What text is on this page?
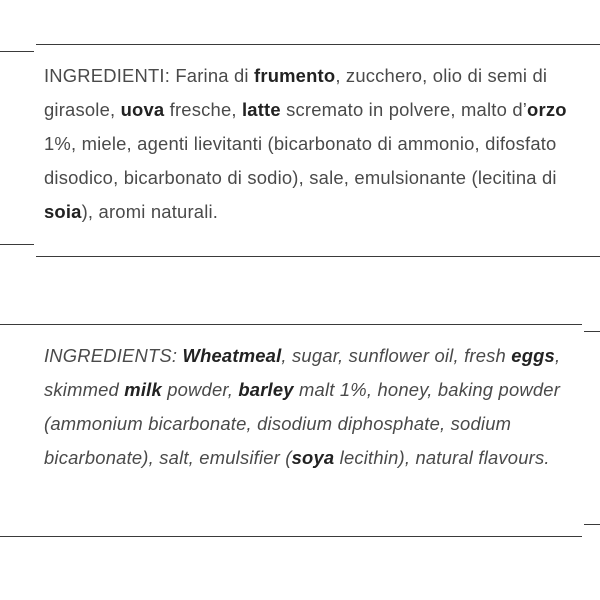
INGREDIENTI: Farina di frumento, zucchero, olio di semi di girasole, uova fresche, latte scremato in polvere, malto d’orzo 1%, miele, agenti lievitanti (bicarbonato di ammonio, difosfato disodico, bicarbonato di sodio), sale, emulsionante (lecitina di soia), aromi naturali.

INGREDIENTS: Wheatmeal, sugar, sunflower oil, fresh eggs, skimmed milk powder, barley malt 1%, honey, baking powder (ammonium bicarbonate, disodium diphosphate, sodium bicarbonate), salt, emulsifier (soya lecithin), natural flavours.
